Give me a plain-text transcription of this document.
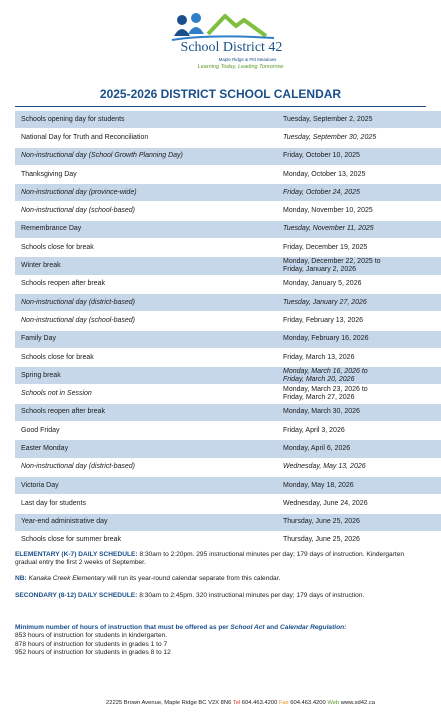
School District 42
Maple Ridge & Pitt Meadows
Learning Today, Leading Tomorrow
2025-2026 DISTRICT SCHOOL CALENDAR
Schools opening day for students	Tuesday, September 2, 2025

National Day for Truth and Reconciliation	Tuesday, September 30, 2025

Non-instructional day (School Growth Planning Day)	Friday, October 10, 2025

Thanksgiving Day	Monday, October 13, 2025

Non-instructional day (province-wide)	Friday, October 24, 2025

Non-instructional day (school-based)	Monday, November 10, 2025

Remembrance Day	Tuesday, November 11, 2025

Schools close for break	Friday, December 19, 2025

Winter break	Monday, December 22, 2025 to
Friday, January 2, 2026

Schools reopen after break	Monday, January 5, 2026

Non-instructional day (district-based)	Tuesday, January 27, 2026

Non-instructional day (school-based)	Friday, February 13, 2026

Family Day	Monday, February 16, 2026

Schools close for break	Friday, March 13, 2026

Spring break	Monday, March 16, 2026 to
Friday, March 20, 2026

Schools not in Session	Monday, March 23, 2026 to
Friday, March 27, 2026

Schools reopen after break	Monday, March 30, 2026

Good Friday	Friday, April 3, 2026

Easter Monday	Monday, April 6, 2026

Non-instructional day (district-based)	Wednesday, May 13, 2026

Victoria Day	Monday, May 18, 2026

Last day for students	Wednesday, June 24, 2026

Year-end administrative day	Thursday, June 25, 2026

Schools close for summer break	Thursday, June 25, 2026

ELEMENTARY (K-7) DAILY SCHEDULE: 8:30am to 2:20pm. 295 instructional minutes per day; 179 days of instruction. Kindergarten gradual entry the first 2 weeks of September.

NB: Kanaka Creek Elementary will run its year-round calendar separate from this calendar.

SECONDARY (8-12) DAILY SCHEDULE: 8:30am to 2:45pm. 320 instructional minutes per day; 179 days of instruction.

Minimum number of hours of instruction that must be offered as per School Act and Calendar Regulation:
853 hours of instruction for students in kindergarten.
878 hours of instruction for students in grades 1 to 7
952 hours of instruction for students in grades 8 to 12
22225 Brown Avenue, Maple Ridge BC V2X 8N6 Tel 604.463.4200 Fax 604.463.4200 Web www.sd42.ca
